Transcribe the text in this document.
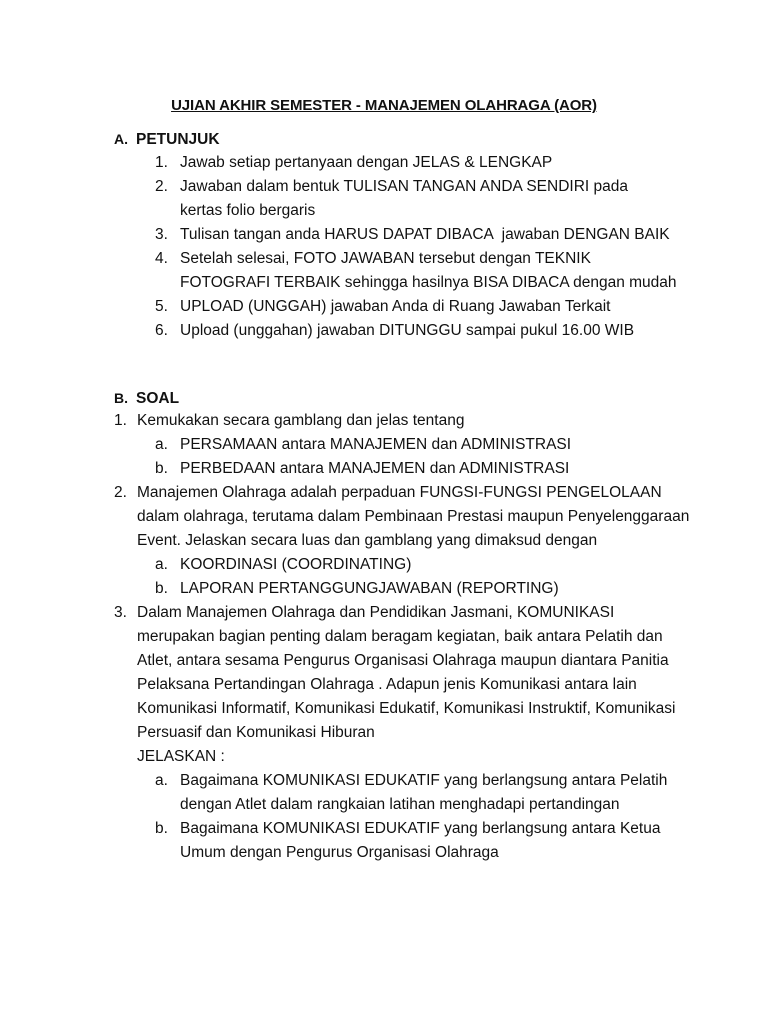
UJIAN AKHIR SEMESTER - MANAJEMEN OLAHRAGA (AOR)
A. PETUNJUK
1. Jawab setiap pertanyaan dengan JELAS & LENGKAP
2. Jawaban dalam bentuk TULISAN TANGAN ANDA SENDIRI pada kertas folio bergaris
3. Tulisan tangan anda HARUS DAPAT DIBACA  jawaban DENGAN BAIK
4. Setelah selesai, FOTO JAWABAN tersebut dengan TEKNIK FOTOGRAFI TERBAIK sehingga hasilnya BISA DIBACA dengan mudah
5. UPLOAD (UNGGAH) jawaban Anda di Ruang Jawaban Terkait
6. Upload (unggahan) jawaban DITUNGGU sampai pukul 16.00 WIB
B. SOAL
1. Kemukakan secara gamblang dan jelas tentang
a. PERSAMAAN antara MANAJEMEN dan ADMINISTRASI
b. PERBEDAAN antara MANAJEMEN dan ADMINISTRASI
2. Manajemen Olahraga adalah perpaduan FUNGSI-FUNGSI PENGELOLAAN dalam olahraga, terutama dalam Pembinaan Prestasi maupun Penyelenggaraan Event. Jelaskan secara luas dan gamblang yang dimaksud dengan
a. KOORDINASI (COORDINATING)
b. LAPORAN PERTANGGUNGJAWABAN (REPORTING)
3. Dalam Manajemen Olahraga dan Pendidikan Jasmani, KOMUNIKASI merupakan bagian penting dalam beragam kegiatan, baik antara Pelatih dan Atlet, antara sesama Pengurus Organisasi Olahraga maupun diantara Panitia Pelaksana Pertandingan Olahraga . Adapun jenis Komunikasi antara lain Komunikasi Informatif, Komunikasi Edukatif, Komunikasi Instruktif, Komunikasi Persuasif dan Komunikasi Hiburan
JELASKAN :
a. Bagaimana KOMUNIKASI EDUKATIF yang berlangsung antara Pelatih dengan Atlet dalam rangkaian latihan menghadapi pertandingan
b. Bagaimana KOMUNIKASI EDUKATIF yang berlangsung antara Ketua Umum dengan Pengurus Organisasi Olahraga
